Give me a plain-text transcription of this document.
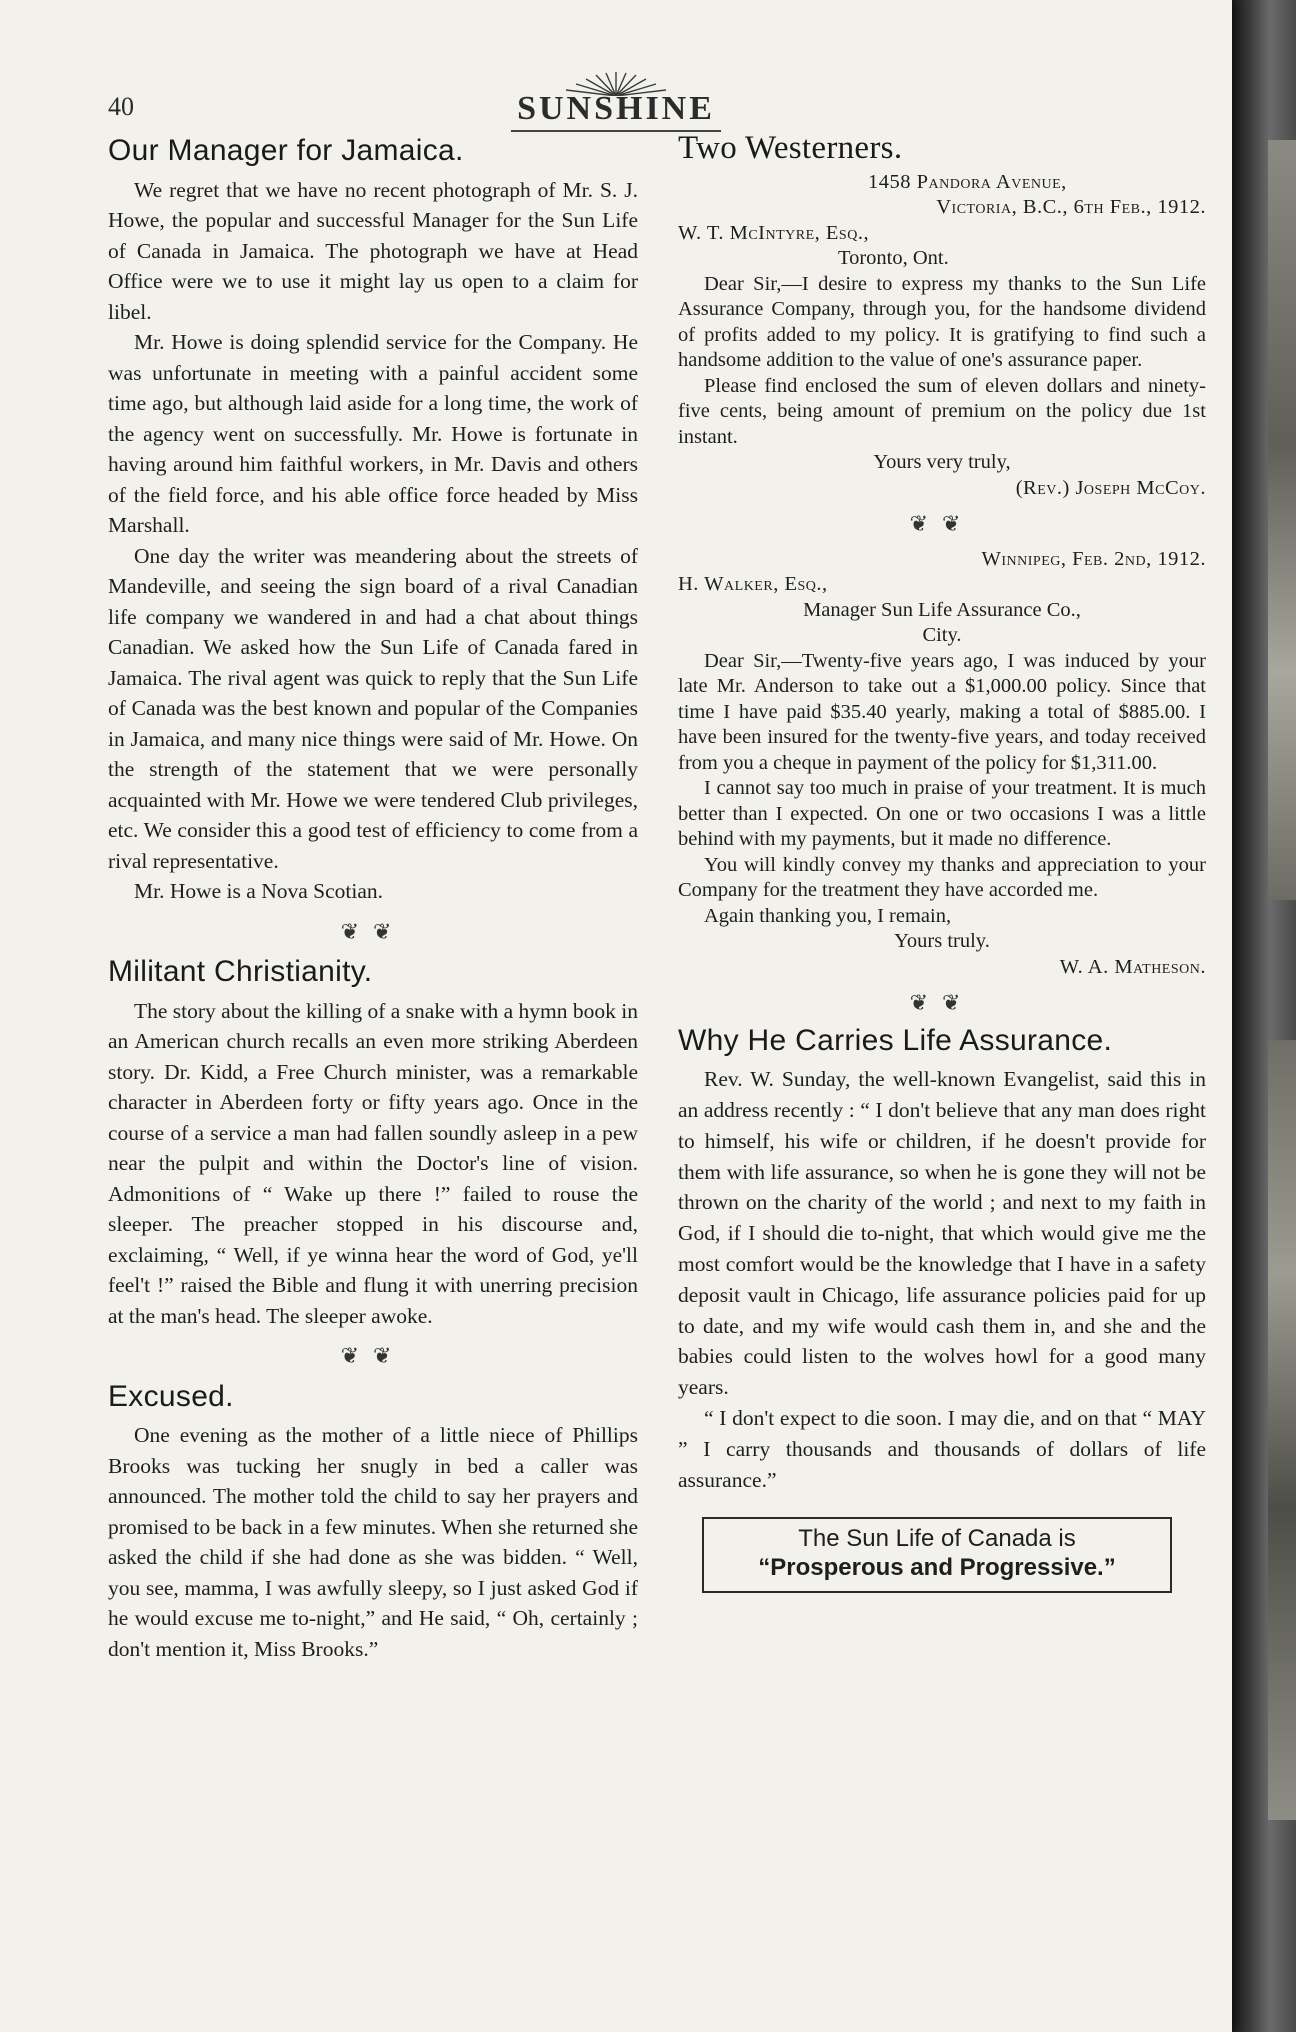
40	SUNSHINE
Our Manager for Jamaica.

We regret that we have no recent photograph of Mr. S. J. Howe, the popular and successful Manager for the Sun Life of Canada in Jamaica. The photograph we have at Head Office were we to use it might lay us open to a claim for libel.

Mr. Howe is doing splendid service for the Company. He was unfortunate in meeting with a painful accident some time ago, but although laid aside for a long time, the work of the agency went on successfully. Mr. Howe is fortunate in having around him faithful workers, in Mr. Davis and others of the field force, and his able office force headed by Miss Marshall.

One day the writer was meandering about the streets of Mandeville, and seeing the sign board of a rival Canadian life company we wandered in and had a chat about things Canadian. We asked how the Sun Life of Canada fared in Jamaica. The rival agent was quick to reply that the Sun Life of Canada was the best known and popular of the Companies in Jamaica, and many nice things were said of Mr. Howe. On the strength of the statement that we were personally acquainted with Mr. Howe we were tendered Club privileges, etc. We consider this a good test of efficiency to come from a rival representative.

Mr. Howe is a Nova Scotian.

❦❦
Militant Christianity.

The story about the killing of a snake with a hymn book in an American church recalls an even more striking Aberdeen story. Dr. Kidd, a Free Church minister, was a remarkable character in Aberdeen forty or fifty years ago. Once in the course of a service a man had fallen soundly asleep in a pew near the pulpit and within the Doctor's line of vision. Admonitions of “ Wake up there !” failed to rouse the sleeper. The preacher stopped in his discourse and, exclaiming, “ Well, if ye winna hear the word of God, ye'll feel't !” raised the Bible and flung it with unerring precision at the man's head. The sleeper awoke.

❦❦
Excused.

One evening as the mother of a little niece of Phillips Brooks was tucking her snugly in bed a caller was announced. The mother told the child to say her prayers and promised to be back in a few minutes. When she returned she asked the child if she had done as she was bidden. “ Well, you see, mamma, I was awfully sleepy, so I just asked God if he would excuse me to-night,” and He said, “ Oh, certainly ; don't mention it, Miss Brooks.”

Two Westerners.

1458 Pandora Avenue,

Victoria, B.C., 6th Feb., 1912.

W. T. McIntyre, Esq.,

Toronto, Ont.

Dear Sir,—I desire to express my thanks to the Sun Life Assurance Company, through you, for the handsome dividend of profits added to my policy. It is gratifying to find such a handsome addition to the value of one's assurance paper.

Please find enclosed the sum of eleven dollars and ninety-five cents, being amount of premium on the policy due 1st instant.

Yours very truly,

(Rev.) Joseph McCoy.

❦❦

Winnipeg, Feb. 2nd, 1912.

H. Walker, Esq.,

Manager Sun Life Assurance Co.,

City.

Dear Sir,—Twenty-five years ago, I was induced by your late Mr. Anderson to take out a $1,000.00 policy. Since that time I have paid $35.40 yearly, making a total of $885.00. I have been insured for the twenty-five years, and today received from you a cheque in payment of the policy for $1,311.00.

I cannot say too much in praise of your treatment. It is much better than I expected. On one or two occasions I was a little behind with my payments, but it made no difference.

You will kindly convey my thanks and appreciation to your Company for the treatment they have accorded me.

Again thanking you, I remain,

Yours truly.

W. A. Matheson.

❦❦
Why He Carries Life Assurance.

Rev. W. Sunday, the well-known Evangelist, said this in an address recently : “ I don't believe that any man does right to himself, his wife or children, if he doesn't provide for them with life assurance, so when he is gone they will not be thrown on the charity of the world ; and next to my faith in God, if I should die to-night, that which would give me the most comfort would be the knowledge that I have in a safety deposit vault in Chicago, life assurance policies paid for up to date, and my wife would cash them in, and she and the babies could listen to the wolves howl for a good many years.

“ I don't expect to die soon. I may die, and on that “ MAY ” I carry thousands and thousands of dollars of life assurance.”

The Sun Life of Canada is
“Prosperous and Progressive.”
